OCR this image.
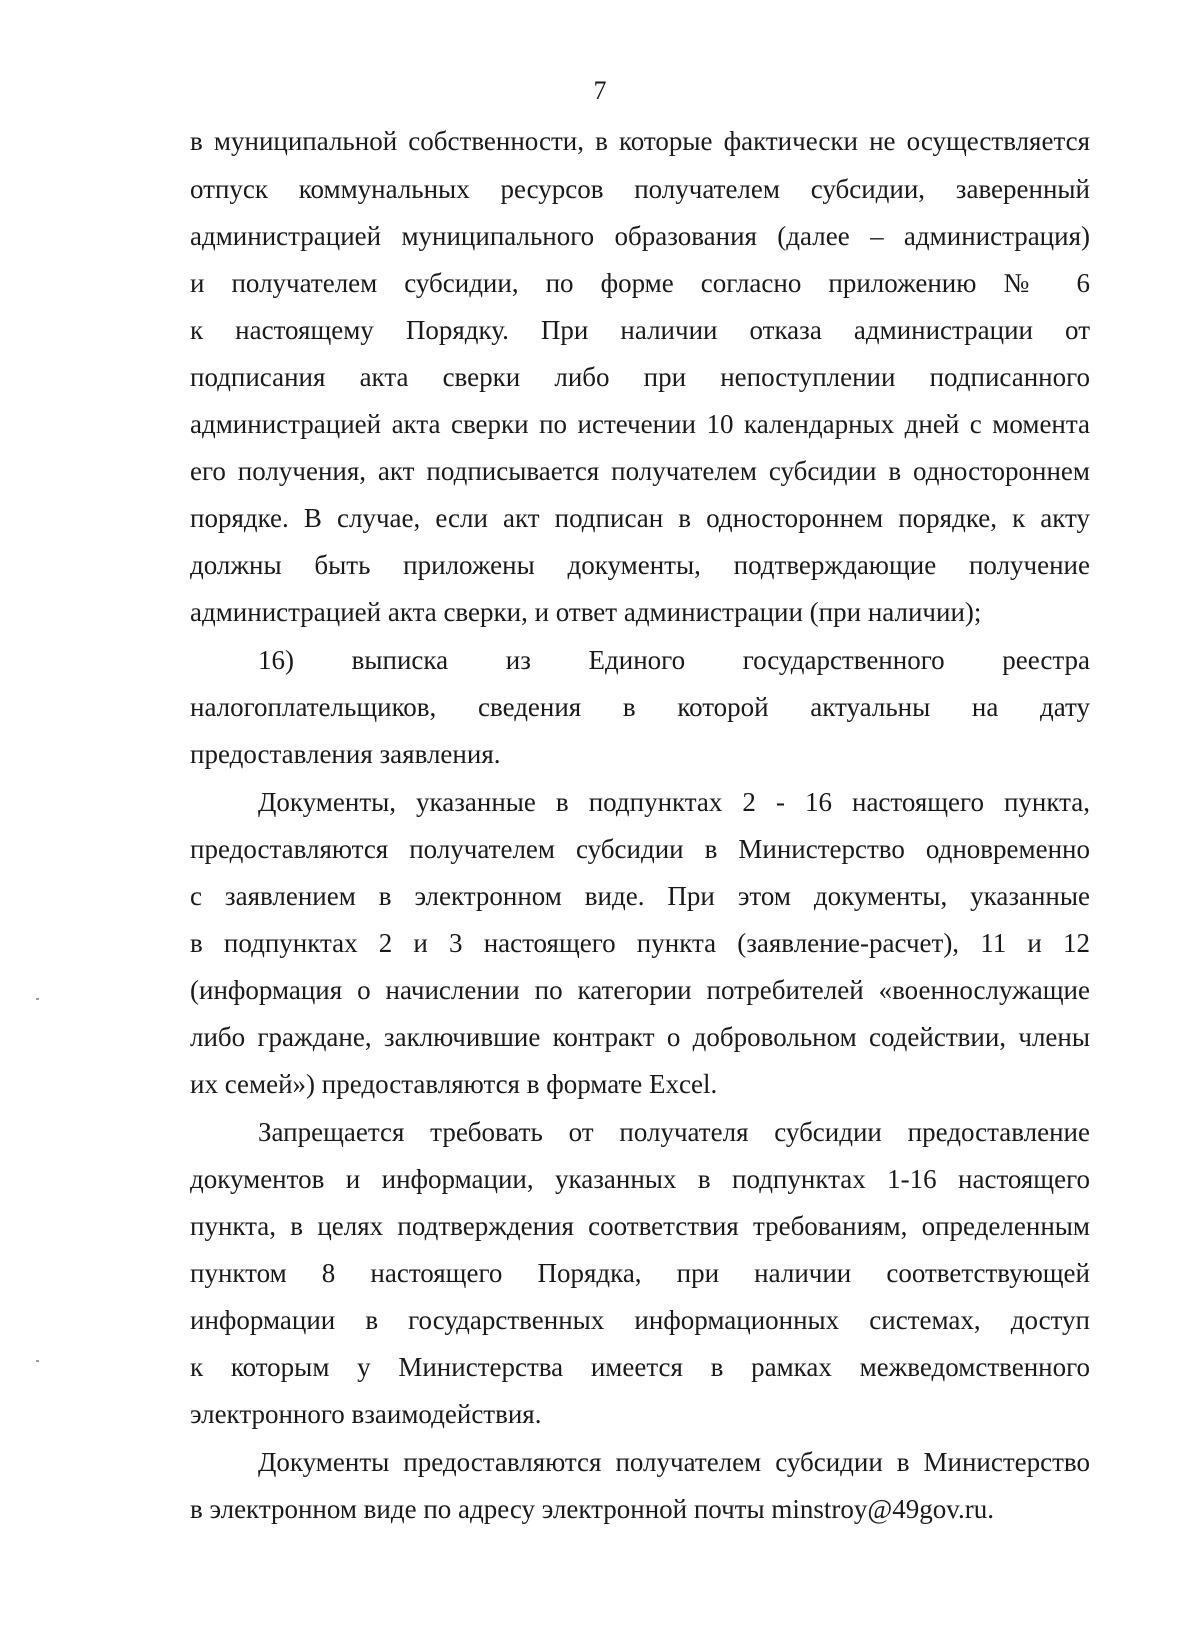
7
в муниципальной собственности, в которые фактически не осуществляется
отпуск коммунальных ресурсов получателем субсидии, заверенный
администрацией муниципального образования (далее – администрация)
и получателем субсидии, по форме согласно приложению № 6
к настоящему Порядку. При наличии отказа администрации от
подписания акта сверки либо при непоступлении подписанного
администрацией акта сверки по истечении 10 календарных дней с момента
его получения, акт подписывается получателем субсидии в одностороннем
порядке. В случае, если акт подписан в одностороннем порядке, к акту
должны быть приложены документы, подтверждающие получение
администрацией акта сверки, и ответ администрации (при наличии);
16) выписка из Единого государственного реестра
налогоплательщиков, сведения в которой актуальны на дату
предоставления заявления.
Документы, указанные в подпунктах 2 - 16 настоящего пункта,
предоставляются получателем субсидии в Министерство одновременно
с заявлением в электронном виде. При этом документы, указанные
в подпунктах 2 и 3 настоящего пункта (заявление-расчет), 11 и 12
(информация о начислении по категории потребителей «военнослужащие
либо граждане, заключившие контракт о добровольном содействии, члены
их семей») предоставляются в формате Excel.
Запрещается требовать от получателя субсидии предоставление
документов и информации, указанных в подпунктах 1-16 настоящего
пункта, в целях подтверждения соответствия требованиям, определенным
пунктом 8 настоящего Порядка, при наличии соответствующей
информации в государственных информационных системах, доступ
к которым у Министерства имеется в рамках межведомственного
электронного взаимодействия.
Документы предоставляются получателем субсидии в Министерство
в электронном виде по адресу электронной почты minstroy@49gov.ru.
